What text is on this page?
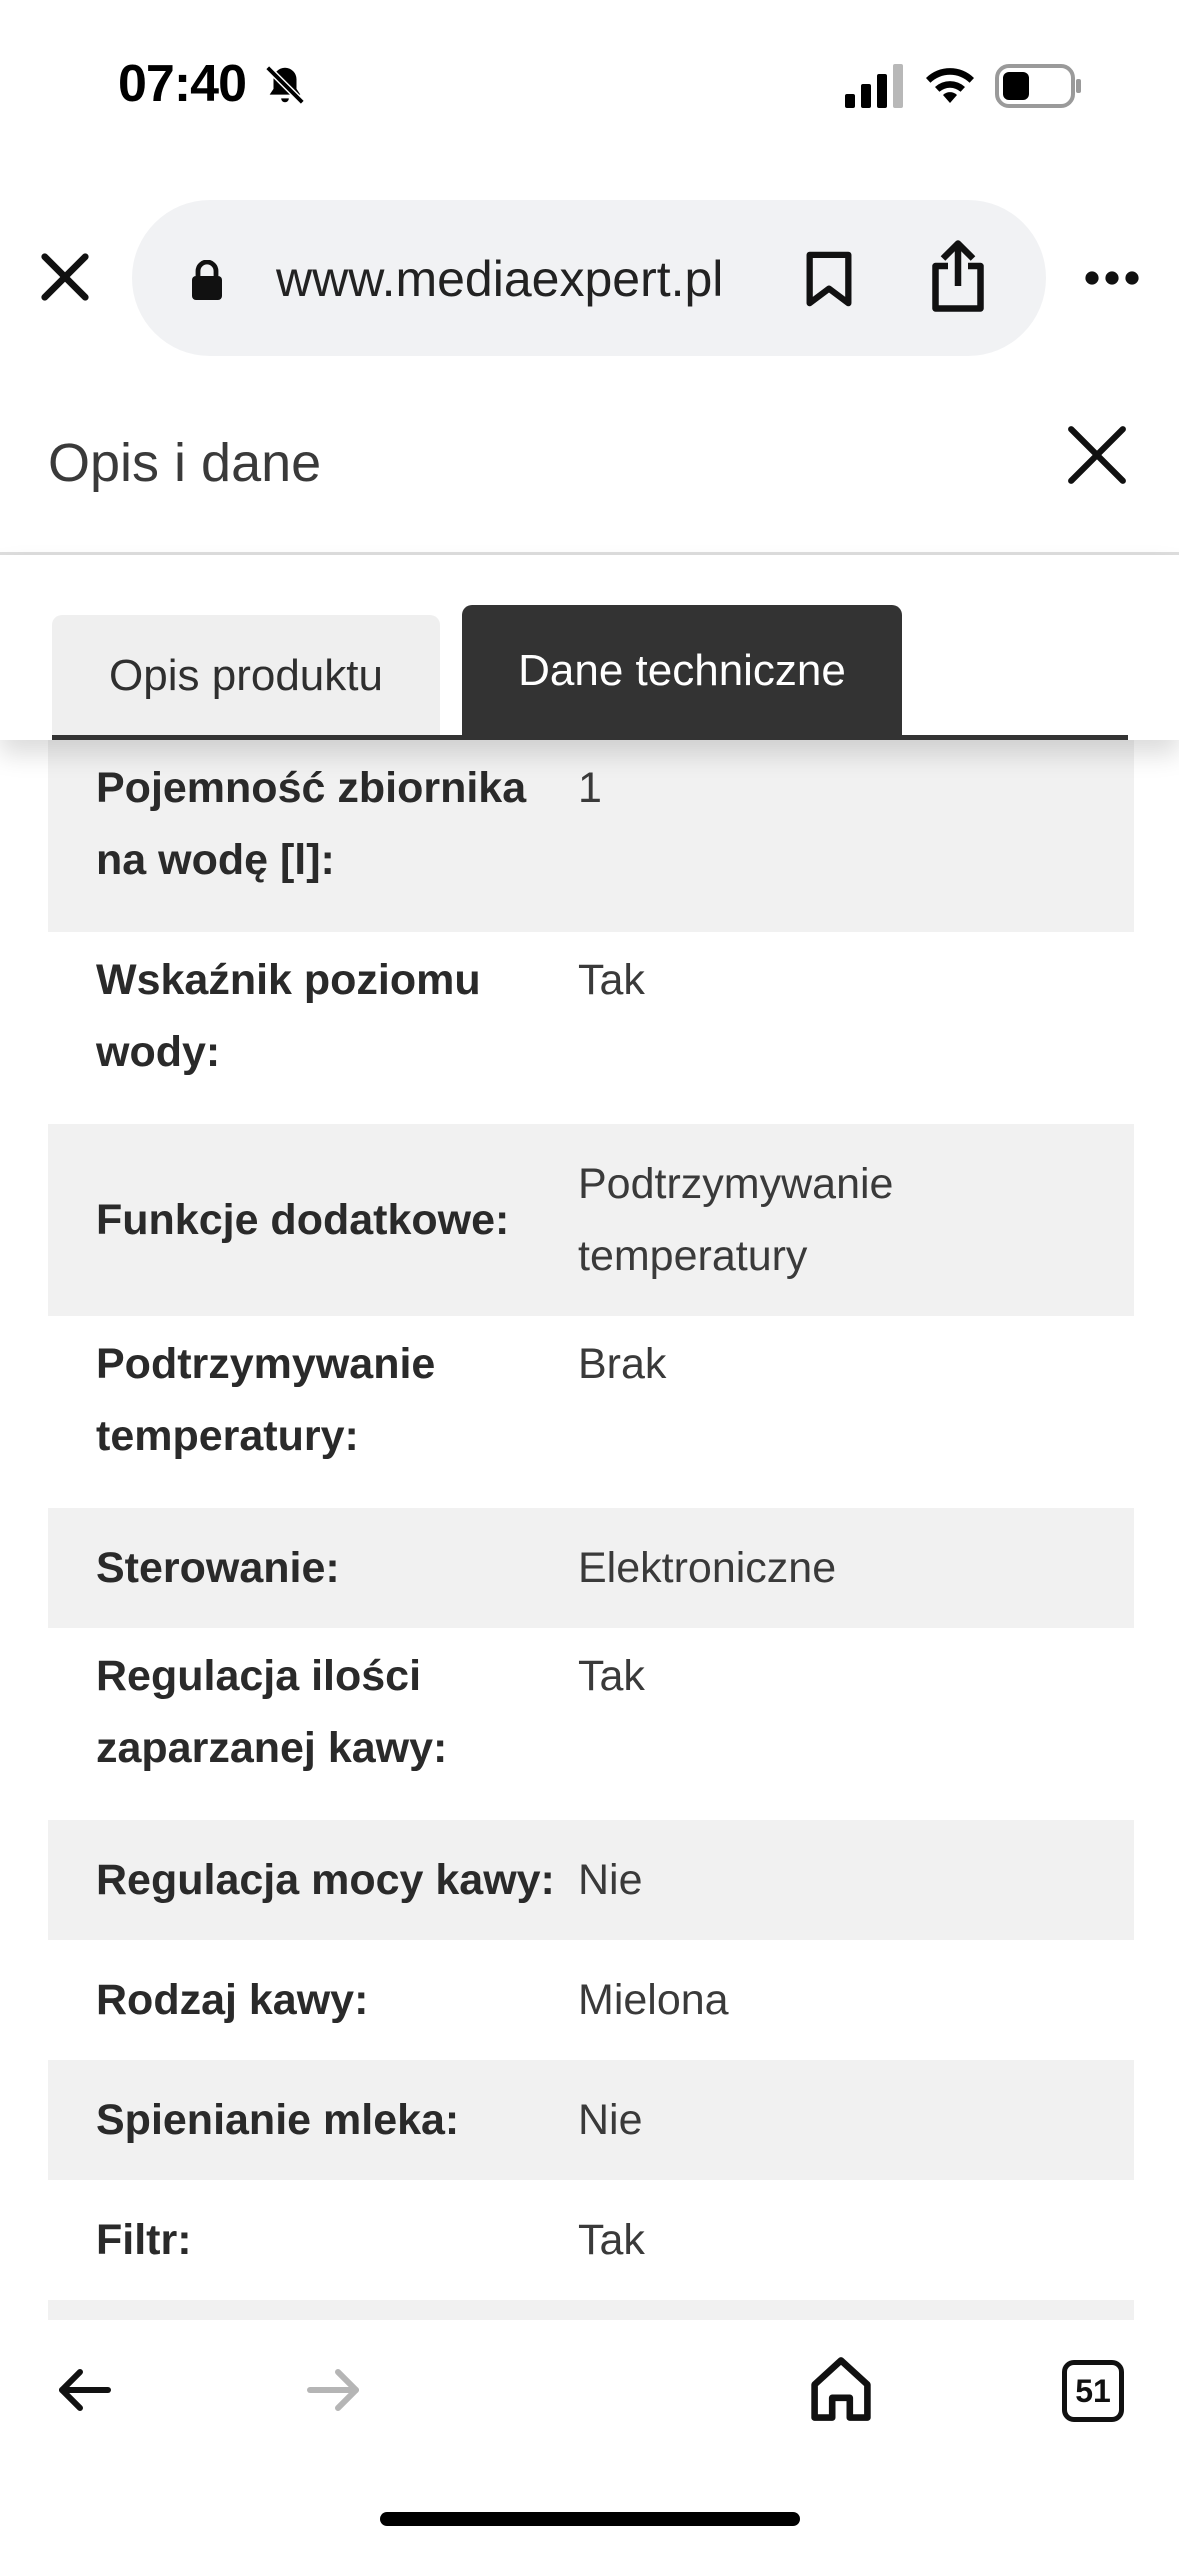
07:40
www.mediaexpert.pl
Opis i dane
Opis produktu	Dane techniczne
Pojemność zbiornika na wodę [l]:
1
Wskaźnik poziomu wody:
Tak
Funkcje dodatkowe:
Podtrzymywanie temperatury
Podtrzymywanie temperatury:
Brak
Sterowanie:	Elektroniczne
Regulacja ilości zaparzanej kawy:
Tak
Regulacja mocy kawy: Nie
Rodzaj kawy:	Mielona
Spienianie mleka:	Nie
Filtr:	Tak
51
